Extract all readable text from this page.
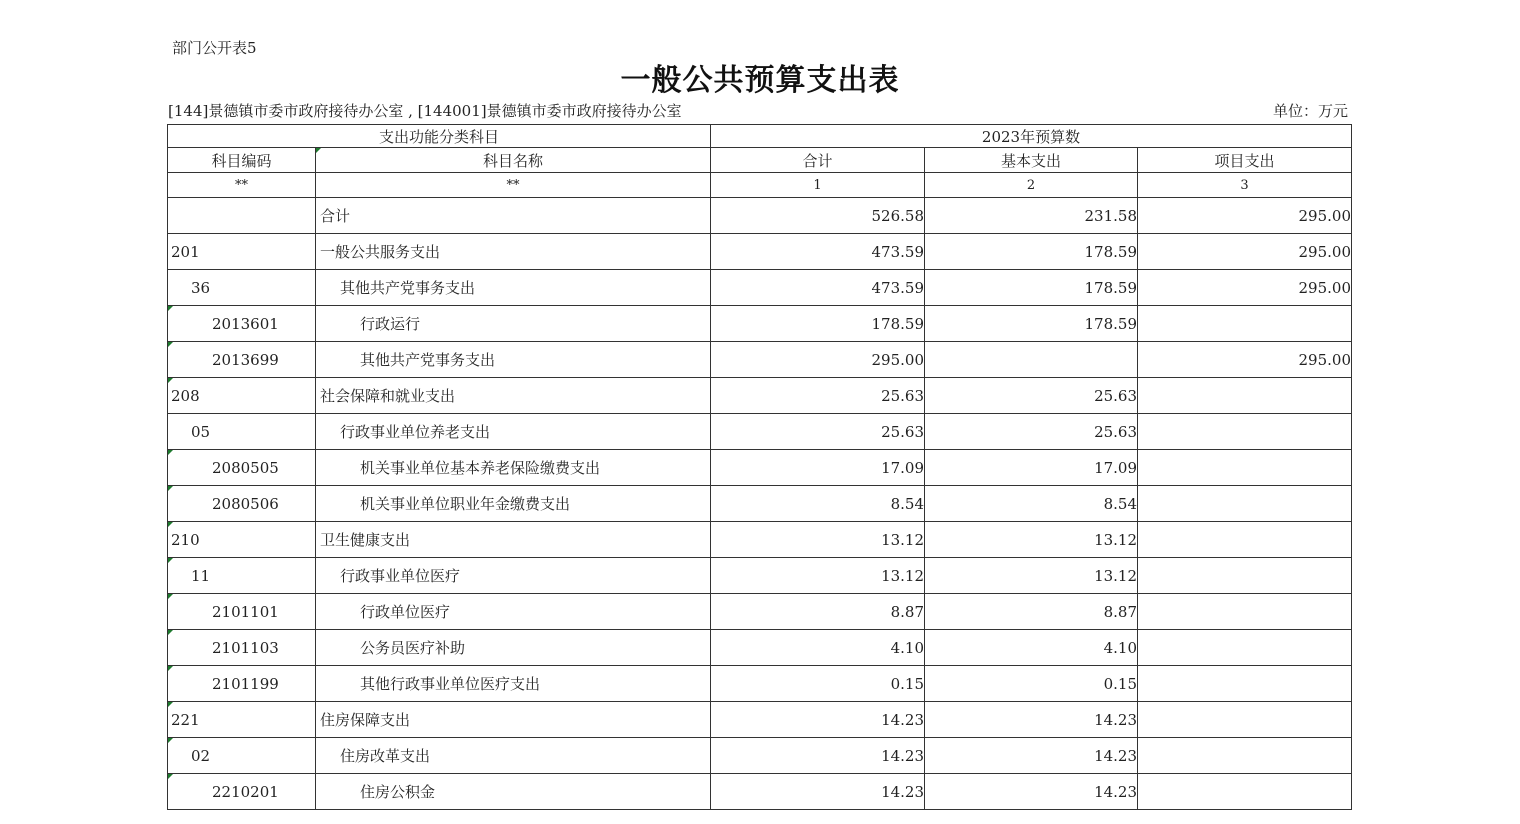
部门公开表5
一般公共预算支出表
[144]景德镇市委市政府接待办公室 , [144001]景德镇市委市政府接待办公室	单位：万元
支出功能分类科目		2023年预算数		
科目编码	科目名称	合计	基本支出	项目支出
**	**	1	2	3
	合计	526.58	231.58	295.00
201	一般公共服务支出	473.59	178.59	295.00
36	其他共产党事务支出	473.59	178.59	295.00
2013601	行政运行	178.59	178.59	
2013699	其他共产党事务支出	295.00		295.00
208	社会保障和就业支出	25.63	25.63	
05	行政事业单位养老支出	25.63	25.63	
2080505	机关事业单位基本养老保险缴费支出	17.09	17.09	
2080506	机关事业单位职业年金缴费支出	8.54	8.54	
210	卫生健康支出	13.12	13.12	
11	行政事业单位医疗	13.12	13.12	
2101101	行政单位医疗	8.87	8.87	
2101103	公务员医疗补助	4.10	4.10	
2101199	其他行政事业单位医疗支出	0.15	0.15	
221	住房保障支出	14.23	14.23	
02	住房改革支出	14.23	14.23	
2210201	住房公积金	14.23	14.23	
